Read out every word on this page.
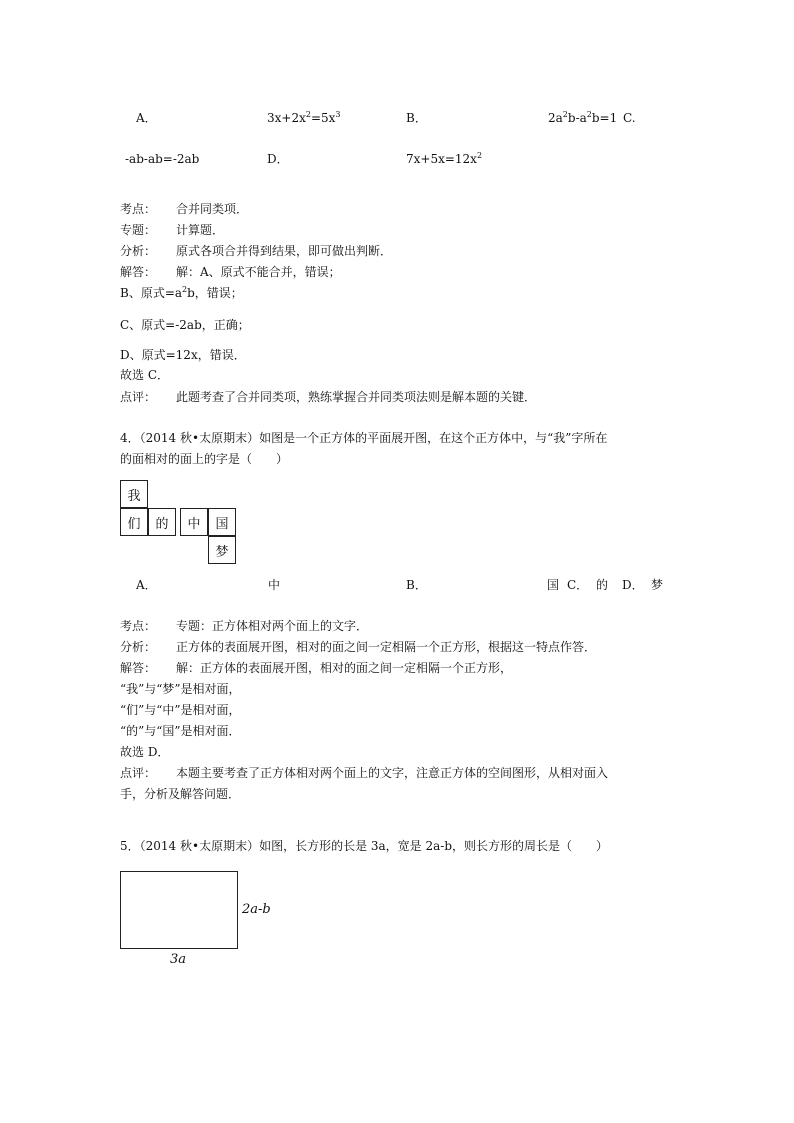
A．	$3x+2x^2=5x^3$	B．	$2a^2b-a^2b=1$ C.
-ab-ab=-2ab	D．	$7x+5x=12x^2$
考点： 合并同类项．
专题： 计算题．
分析： 原式各项合并得到结果，即可做出判断．
解答： 解：A、原式不能合并，错误；
B、原式$=a^2b$，错误；
C、原式=-2ab，正确；
D、原式=12x，错误．
故选 C．
点评： 此题考查了合并同类项，熟练掌握合并同类项法则是解本题的关键．
4．（2014 秋•太原期末）如图是一个正方体的平面展开图，在这个正方体中，与“我”字所在
的面相对的面上的字是（　　）
我
们	的	中	国
梦
A．	中	B．	国 C． 的 D． 梦
考点： 专题：正方体相对两个面上的文字．
分析： 正方体的表面展开图，相对的面之间一定相隔一个正方形，根据这一特点作答．
解答： 解：正方体的表面展开图，相对的面之间一定相隔一个正方形，
“我”与“梦”是相对面，
“们”与“中”是相对面，
“的”与“国”是相对面．
故选 D．
点评： 本题主要考查了正方体相对两个面上的文字，注意正方体的空间图形，从相对面入
手，分析及解答问题．
5．（2014 秋•太原期末）如图，长方形的长是 3a，宽是 2a-b，则长方形的周长是（　　）
2a-b
3a
